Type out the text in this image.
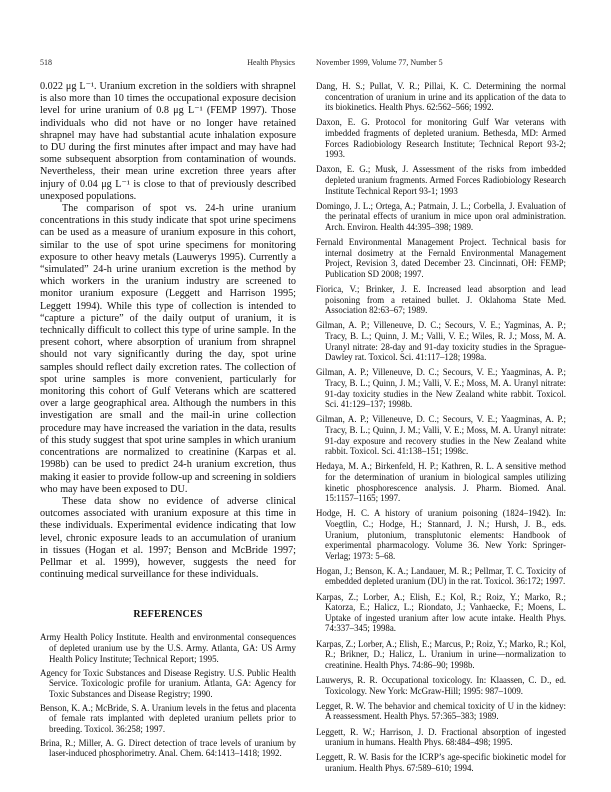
518	Health Physics	November 1999, Volume 77, Number 5

0.022 μg L⁻¹. Uranium excretion in the soldiers with shrapnel is also more than 10 times the occupational exposure decision level for urine uranium of 0.8 μg L⁻¹ (FEMP 1997). Those individuals who did not have or no longer have retained shrapnel may have had substantial acute inhalation exposure to DU during the first minutes after impact and may have had some subsequent absorption from contamination of wounds. Nevertheless, their mean urine excretion three years after injury of 0.04 μg L⁻¹ is close to that of previously described unexposed populations.

The comparison of spot vs. 24-h urine uranium concentrations in this study indicate that spot urine specimens can be used as a measure of uranium exposure in this cohort, similar to the use of spot urine specimens for monitoring exposure to other heavy metals (Lauwerys 1995). Currently a “simulated” 24-h urine uranium excretion is the method by which workers in the uranium industry are screened to monitor uranium exposure (Leggett and Harrison 1995; Leggett 1994). While this type of collection is intended to “capture a picture” of the daily output of uranium, it is technically difficult to collect this type of urine sample. In the present cohort, where absorption of uranium from shrapnel should not vary significantly during the day, spot urine samples should reflect daily excretion rates. The collection of spot urine samples is more convenient, particularly for monitoring this cohort of Gulf Veterans which are scattered over a large geographical area. Although the numbers in this investigation are small and the mail-in urine collection procedure may have increased the variation in the data, results of this study suggest that spot urine samples in which uranium concentrations are normalized to creatinine (Karpas et al. 1998b) can be used to predict 24-h uranium excretion, thus making it easier to provide follow-up and screening in soldiers who may have been exposed to DU.

These data show no evidence of adverse clinical outcomes associated with uranium exposure at this time in these individuals. Experimental evidence indicating that low level, chronic exposure leads to an accumulation of uranium in tissues (Hogan et al. 1997; Benson and McBride 1997; Pellmar et al. 1999), however, suggests the need for continuing medical surveillance for these individuals.

REFERENCES
Army Health Policy Institute. Health and environmental consequences of depleted uranium use by the U.S. Army. Atlanta, GA: US Army Health Policy Institute; Technical Report; 1995.
Agency for Toxic Substances and Disease Registry. U.S. Public Health Service. Toxicologic profile for uranium. Atlanta, GA: Agency for Toxic Substances and Disease Registry; 1990.
Benson, K. A.; McBride, S. A. Uranium levels in the fetus and placenta of female rats implanted with depleted uranium pellets prior to breeding. Toxicol. 36:258; 1997.
Brina, R.; Miller, A. G. Direct detection of trace levels of uranium by laser-induced phosphorimetry. Anal. Chem. 64:1413–1418; 1992.
Dang, H. S.; Pullat, V. R.; Pillai, K. C. Determining the normal concentration of uranium in urine and its application of the data to its biokinetics. Health Phys. 62:562–566; 1992.
Daxon, E. G. Protocol for monitoring Gulf War veterans with imbedded fragments of depleted uranium. Bethesda, MD: Armed Forces Radiobiology Research Institute; Technical Report 93-2; 1993.
Daxon, E. G.; Musk, J. Assessment of the risks from imbedded depleted uranium fragments. Armed Forces Radiobiology Research Institute Technical Report 93-1; 1993
Domingo, J. L.; Ortega, A.; Patmain, J. L.; Corbella, J. Evaluation of the perinatal effects of uranium in mice upon oral administration. Arch. Environ. Health 44:395–398; 1989.
Fernald Environmental Management Project. Technical basis for internal dosimetry at the Fernald Environmental Management Project, Revision 3, dated December 23. Cincinnati, OH: FEMP; Publication SD 2008; 1997.
Fiorica, V.; Brinker, J. E. Increased lead absorption and lead poisoning from a retained bullet. J. Oklahoma State Med. Association 82:63–67; 1989.
Gilman, A. P.; Villeneuve, D. C.; Secours, V. E.; Yagminas, A. P.; Tracy, B. L.; Quinn, J. M.; Valli, V. E.; Wiles, R. J.; Moss, M. A. Uranyl nitrate: 28-day and 91-day toxicity studies in the Sprague-Dawley rat. Toxicol. Sci. 41:117–128; 1998a.
Gilman, A. P.; Villeneuve, D. C.; Secours, V. E.; Yaagminas, A. P.; Tracy, B. L.; Quinn, J. M.; Valli, V. E.; Moss, M. A. Uranyl nitrate: 91-day toxicity studies in the New Zealand white rabbit. Toxicol. Sci. 41:129–137; 1998b.
Gilman, A. P.; Villeneuve, D. C.; Secours, V. E.; Yaagminas, A. P.; Tracy, B. L.; Quinn, J. M.; Valli, V. E.; Moss, M. A. Uranyl nitrate: 91-day exposure and recovery studies in the New Zealand white rabbit. Toxicol. Sci. 41:138–151; 1998c.
Hedaya, M. A.; Birkenfeld, H. P.; Kathren, R. L. A sensitive method for the determination of uranium in biological samples utilizing kinetic phosphorescence analysis. J. Pharm. Biomed. Anal. 15:1157–1165; 1997.
Hodge, H. C. A history of uranium poisoning (1824–1942). In: Voegtlin, C.; Hodge, H.; Stannard, J. N.; Hursh, J. B., eds. Uranium, plutonium, transplutonic elements: Handbook of experimental pharmacology. Volume 36. New York: Springer-Verlag; 1973: 5–68.
Hogan, J.; Benson, K. A.; Landauer, M. R.; Pellmar, T. C. Toxicity of embedded depleted uranium (DU) in the rat. Toxicol. 36:172; 1997.
Karpas, Z.; Lorber, A.; Elish, E.; Kol, R.; Roiz, Y.; Marko, R.; Katorza, E.; Halicz, L.; Riondato, J.; Vanhaecke, F.; Moens, L. Uptake of ingested uranium after low acute intake. Health Phys. 74:337–345; 1998a.
Karpas, Z.; Lorber, A.; Elish, E.; Marcus, P.; Roiz, Y.; Marko, R.; Kol, R.; Brikner, D.; Halicz, L. Uranium in urine—normalization to creatinine. Health Phys. 74:86–90; 1998b.
Lauwerys, R. R. Occupational toxicology. In: Klaassen, C. D., ed. Toxicology. New York: McGraw-Hill; 1995: 987–1009.
Legget, R. W. The behavior and chemical toxicity of U in the kidney: A reassessment. Health Phys. 57:365–383; 1989.
Leggett, R. W.; Harrison, J. D. Fractional absorption of ingested uranium in humans. Health Phys. 68:484–498; 1995.
Leggett, R. W. Basis for the ICRP’s age-specific biokinetic model for uranium. Health Phys. 67:589–610; 1994.
